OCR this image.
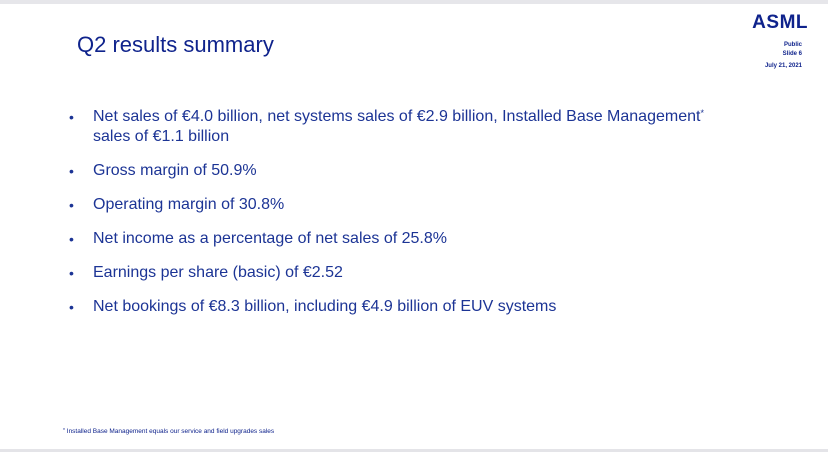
Q2 results summary
ASML
Public
Slide 6
July 21, 2021
• Net sales of €4.0 billion, net systems sales of €2.9 billion, Installed Base Management* sales of €1.1 billion
• Gross margin of 50.9%
• Operating margin of 30.8%
• Net income as a percentage of net sales of 25.8%
• Earnings per share (basic) of €2.52
• Net bookings of €8.3 billion, including €4.9 billion of EUV systems
* Installed Base Management equals our service and field upgrades sales
